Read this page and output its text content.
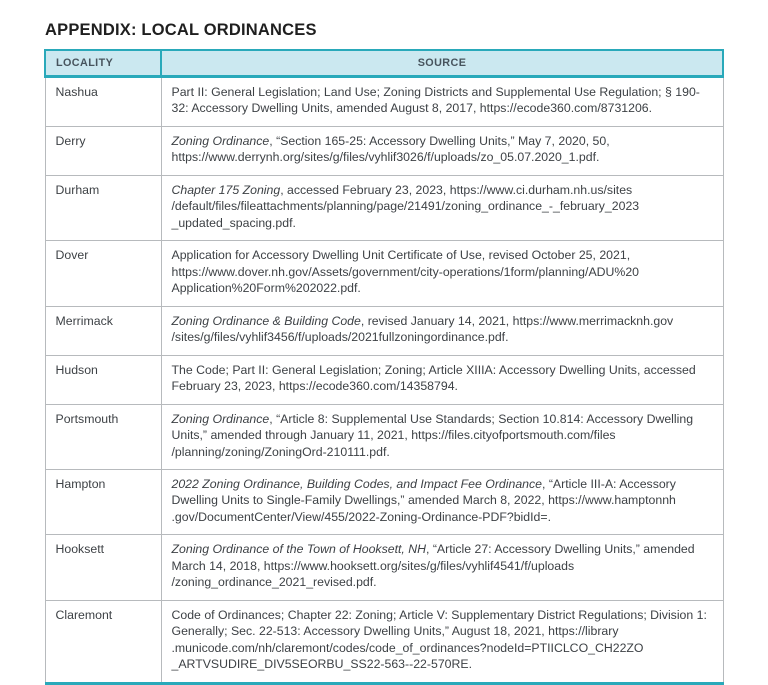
APPENDIX: LOCAL ORDINANCES
LOCALITY	SOURCE
Nashua	Part II: General Legislation; Land Use; Zoning Districts and Supplemental Use Regulation; § 190-32: Accessory Dwelling Units, amended August 8, 2017, https://ecode360.com/8731206.
Derry	Zoning Ordinance, “Section 165-25: Accessory Dwelling Units,” May 7, 2020, 50, https://www.derrynh.org/sites/g/files/vyhlif3026/f/uploads/zo_05.07.2020_1.pdf.
Durham	Chapter 175 Zoning, accessed February 23, 2023, https://www.ci.durham.nh.us/sites /default/files/fileattachments/planning/page/21491/zoning_ordinance_-_february_2023 _updated_spacing.pdf.
Dover	Application for Accessory Dwelling Unit Certificate of Use, revised October 25, 2021, https://www.dover.nh.gov/Assets/government/city-operations/1form/planning/ADU%20 Application%20Form%202022.pdf.
Merrimack	Zoning Ordinance & Building Code, revised January 14, 2021, https://www.merrimacknh.gov /sites/g/files/vyhlif3456/f/uploads/2021fullzoningordinance.pdf.
Hudson	The Code; Part II: General Legislation; Zoning; Article XIIIA: Accessory Dwelling Units, accessed February 23, 2023, https://ecode360.com/14358794.
Portsmouth	Zoning Ordinance, “Article 8: Supplemental Use Standards; Section 10.814: Accessory Dwelling Units,” amended through January 11, 2021, https://files.cityofportsmouth.com/files /planning/zoning/ZoningOrd-210111.pdf.
Hampton	2022 Zoning Ordinance, Building Codes, and Impact Fee Ordinance, “Article III-A: Accessory Dwelling Units to Single-Family Dwellings,” amended March 8, 2022, https://www.hamptonnh .gov/DocumentCenter/View/455/2022-Zoning-Ordinance-PDF?bidId=.
Hooksett	Zoning Ordinance of the Town of Hooksett, NH, “Article 27: Accessory Dwelling Units,” amended March 14, 2018, https://www.hooksett.org/sites/g/files/vyhlif4541/f/uploads /zoning_ordinance_2021_revised.pdf.
Claremont	Code of Ordinances; Chapter 22: Zoning; Article V: Supplementary District Regulations; Division 1: Generally; Sec. 22-513: Accessory Dwelling Units,” August 18, 2021, https://library .municode.com/nh/claremont/codes/code_of_ordinances?nodeId=PTIICLCO_CH22ZO _ARTVSUDIRE_DIV5SEORBU_SS22-563--22-570RE.
